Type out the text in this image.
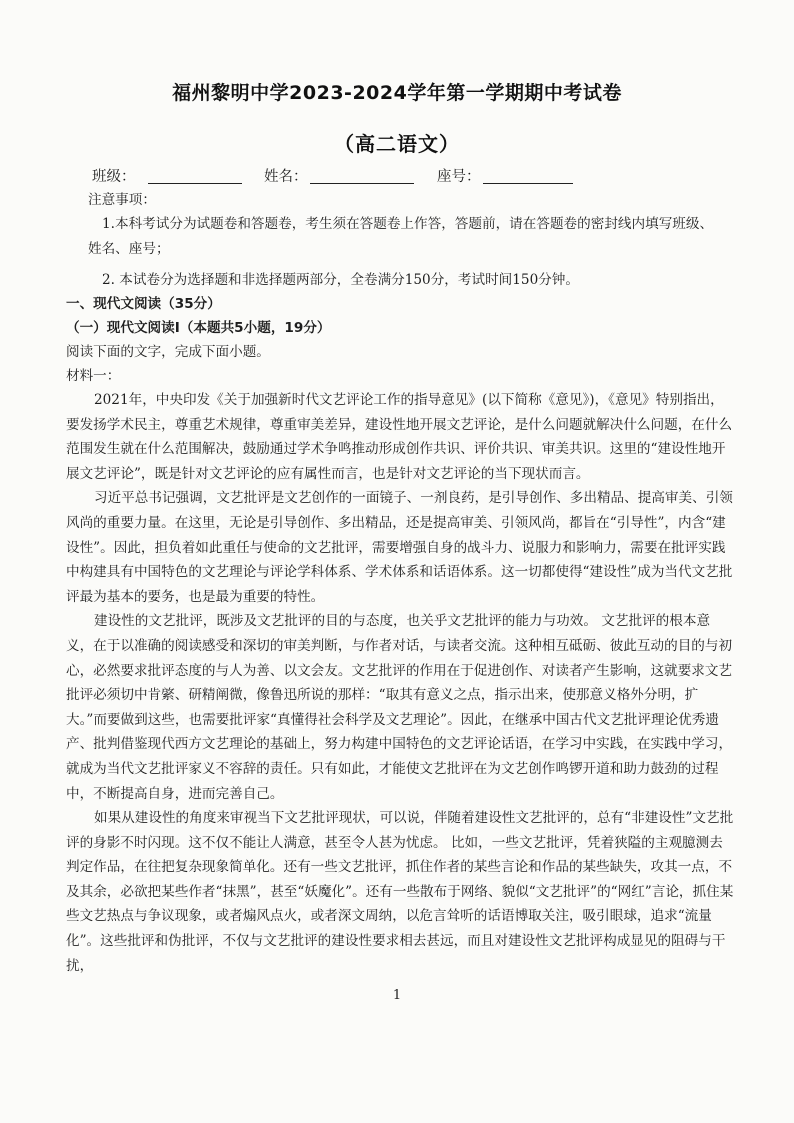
福州黎明中学2023-2024学年第一学期期中考试卷
（高二语文）
班级：	姓名：	座号：

注意事项：

1.本科考试分为试题卷和答题卷，考生须在答题卷上作答，答题前，请在答题卷的密封线内填写班级、姓名、座号；

2. 本试卷分为选择题和非选择题两部分，全卷满分150分，考试时间150分钟。

一、现代文阅读（35分）

（一）现代文阅读Ⅰ（本题共5小题，19分）

阅读下面的文字，完成下面小题。

材料一：

2021年，中央印发《关于加强新时代文艺评论工作的指导意见》(以下简称《意见》)，《意见》特别指出，要发扬学术民主，尊重艺术规律，尊重审美差异，建设性地开展文艺评论，是什么问题就解决什么问题，在什么范围发生就在什么范围解决，鼓励通过学术争鸣推动形成创作共识、评价共识、审美共识。这里的“建设性地开展文艺评论”，既是针对文艺评论的应有属性而言，也是针对文艺评论的当下现状而言。

习近平总书记强调，文艺批评是文艺创作的一面镜子、一剂良药，是引导创作、多出精品、提高审美、引领风尚的重要力量。在这里，无论是引导创作、多出精品，还是提高审美、引领风尚，都旨在“引导性”，内含“建设性”。因此，担负着如此重任与使命的文艺批评，需要增强自身的战斗力、说服力和影响力，需要在批评实践中构建具有中国特色的文艺理论与评论学科体系、学术体系和话语体系。这一切都使得“建设性”成为当代文艺批评最为基本的要务，也是最为重要的特性。

建设性的文艺批评，既涉及文艺批评的目的与态度，也关乎文艺批评的能力与功效。 文艺批评的根本意义，在于以准确的阅读感受和深切的审美判断，与作者对话，与读者交流。这种相互砥砺、彼此互动的目的与初心，必然要求批评态度的与人为善、以文会友。文艺批评的作用在于促进创作、对读者产生影响，这就要求文艺批评必须切中肯綮、研精阐微，像鲁迅所说的那样：“取其有意义之点，指示出来，使那意义格外分明，扩大。”而要做到这些，也需要批评家“真懂得社会科学及文艺理论”。因此，在继承中国古代文艺批评理论优秀遗产、批判借鉴现代西方文艺理论的基础上，努力构建中国特色的文艺评论话语，在学习中实践，在实践中学习，就成为当代文艺批评家义不容辞的责任。只有如此，才能使文艺批评在为文艺创作鸣锣开道和助力鼓劲的过程中，不断提高自身，进而完善自己。

如果从建设性的角度来审视当下文艺批评现状，可以说，伴随着建设性文艺批评的，总有“非建设性”文艺批评的身影不时闪现。这不仅不能让人满意，甚至令人甚为忧虑。 比如，一些文艺批评，凭着狭隘的主观臆测去判定作品，在往把复杂现象简单化。还有一些文艺批评，抓住作者的某些言论和作品的某些缺失，攻其一点，不及其余，必欲把某些作者“抹黑”，甚至“妖魔化”。还有一些散布于网络、貌似“文艺批评”的“网红”言论，抓住某些文艺热点与争议现象，或者煽风点火，或者深文周纳，以危言耸听的话语博取关注，吸引眼球，追求“流量化”。这些批评和伪批评，不仅与文艺批评的建设性要求相去甚远，而且对建设性文艺批评构成显见的阻碍与干扰，

1
